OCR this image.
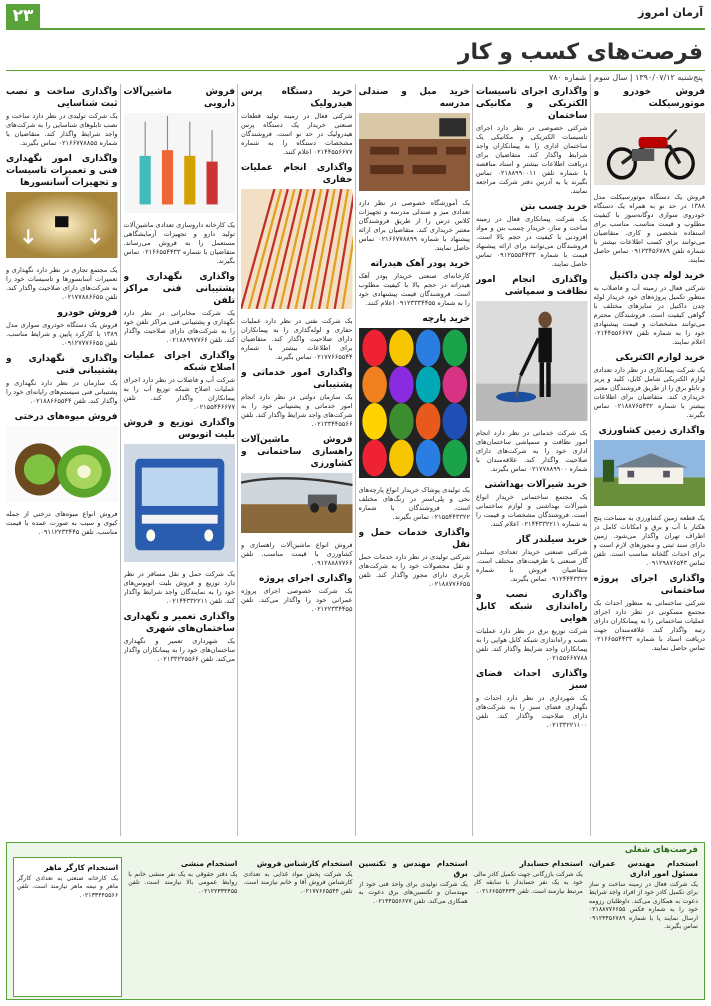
۲۳	آرمان امروز
فرصت‌های کسب و کار
پنج‌شنبه ۱۳۹۰/۰۷/۱۲ | سال سوم | شماره ۷۸۰
فروش خودرو و موتورسیکلت
فروش یک دستگاه موتورسیکلت مدل ۱۳۸۸ در حد نو به همراه یک دستگاه خودروی سواری دوگانه‌سوز با کیفیت مطلوب و قیمت مناسب. مناسب برای استفاده شخصی و کاری. متقاضیان می‌توانند برای کسب اطلاعات بیشتر با شماره تلفن ۰۹۱۲۳۴۵۶۷۸۹ تماس حاصل نمایند.
خرید لوله چدن داکتیل
شرکتی فعال در زمینه آب و فاضلاب به منظور تکمیل پروژه‌های خود خریدار لوله چدن داکتیل در سایزهای مختلف با گواهی کیفیت است. فروشندگان محترم می‌توانند مشخصات و قیمت پیشنهادی خود را به شماره تلفن ۰۲۱۴۴۵۵۶۶۷۷ اعلام نمایند.
خرید لوازم الکتریکی
یک شرکت پیمانکاری در نظر دارد تعدادی لوازم الکتریکی شامل کابل، کلید و پریز و تابلو برق را از طریق فروشندگان معتبر خریداری کند. متقاضیان برای اطلاعات بیشتر با شماره ۰۲۱۸۸۷۶۵۴۳۲ تماس بگیرند.
واگذاری زمین کشاورزی
یک قطعه زمین کشاورزی به مساحت پنج هکتار با آب و برق و امکانات کامل در اطراف تهران واگذار می‌شود. زمین دارای سند ثبتی و مجوزهای لازم است و برای احداث گلخانه مناسب است. تلفن تماس ۰۹۱۲۹۸۷۶۵۴۳.
واگذاری اجرای پروژه ساختمانی
شرکتی ساختمانی به منظور احداث یک مجتمع مسکونی در نظر دارد اجرای عملیات ساختمانی را به پیمانکاران دارای رتبه واگذار کند. علاقه‌مندان جهت دریافت اسناد با شماره ۰۲۱۶۶۵۵۴۴۳۳ تماس حاصل نمایند.
واگذاری اجرای تاسیسات الکتریکی و مکانیکی ساختمان
شرکتی خصوصی در نظر دارد اجرای تاسیسات الکتریکی و مکانیکی یک ساختمان اداری را به پیمانکاران واجد شرایط واگذار کند. متقاضیان برای دریافت اطلاعات بیشتر و اسناد مناقصه با شماره تلفن ۰۲۱۸۸۹۹۰۰۱۱ تماس بگیرند یا به آدرس دفتر شرکت مراجعه نمایند.
خرید چسب بتن
یک شرکت پیمانکاری فعال در زمینه ساخت و ساز، خریدار چسب بتن و مواد افزودنی با کیفیت در حجم بالا است. فروشندگان می‌توانند برای ارائه پیشنهاد قیمت با شماره ۰۹۱۲۵۵۵۴۴۳۳ تماس حاصل نمایند.
واگذاری انجام امور نظافت و سمپاشی
یک شرکت خدماتی در نظر دارد انجام امور نظافت و سمپاشی ساختمان‌های اداری خود را به شرکت‌های دارای صلاحیت واگذار کند. علاقه‌مندان با شماره ۰۲۱۷۷۸۸۹۹۰۰ تماس بگیرند.
خرید شیرآلات بهداشتی
یک مجتمع ساختمانی خریدار انواع شیرآلات بهداشتی و لوازم ساختمانی است. فروشندگان مشخصات و قیمت را به شماره ۰۲۱۴۴۳۳۲۲۱۱ اعلام کنند.
خرید سیلندر گاز
شرکتی صنعتی خریدار تعدادی سیلندر گاز صنعتی با ظرفیت‌های مختلف است. متقاضیان فروش با شماره ۰۹۱۲۴۴۴۳۳۲۲ تماس بگیرند.
واگذاری نصب و راه‌اندازی شبکه کابل هوایی
شرکت توزیع برق در نظر دارد عملیات نصب و راه‌اندازی شبکه کابل هوایی را به پیمانکاران واجد شرایط واگذار کند. تلفن ۰۲۱۵۵۶۶۷۷۸۸.
واگذاری احداث فضای سبز
یک شهرداری در نظر دارد احداث و نگهداری فضای سبز را به شرکت‌های دارای صلاحیت واگذار کند. تلفن ۰۲۱۳۳۲۲۱۱۰۰.
خرید مبل و صندلی مدرسه
یک آموزشگاه خصوصی در نظر دارد تعدادی میز و صندلی مدرسه و تجهیزات کلاس درس را از طریق فروشندگان معتبر خریداری کند. متقاضیان برای ارائه پیشنهاد با شماره ۰۲۱۶۶۷۷۸۸۹۹ تماس حاصل نمایند.
خرید پودر آهک هیدراته
کارخانه‌ای صنعتی خریدار پودر آهک هیدراته در حجم بالا با کیفیت مطلوب است. فروشندگان قیمت پیشنهادی خود را به شماره ۰۹۱۲۳۳۳۴۴۵۵ اعلام کنند.
خرید پارچه
یک تولیدی پوشاک خریدار انواع پارچه‌های نخی و پلی‌استر در رنگ‌های مختلف است. فروشندگان با شماره ۰۲۱۵۵۴۴۳۳۲۲ تماس بگیرند.
واگذاری خدمات حمل و نقل
شرکتی تولیدی در نظر دارد خدمات حمل و نقل محصولات خود را به شرکت‌های باربری دارای مجوز واگذار کند. تلفن ۰۲۱۸۸۷۷۶۶۵۵.
خرید دستگاه پرس هیدرولیک
شرکتی فعال در زمینه تولید قطعات صنعتی خریدار یک دستگاه پرس هیدرولیک در حد نو است. فروشندگان مشخصات دستگاه را به شماره ۰۲۱۴۴۵۵۶۶۷۷ اعلام کنند.
واگذاری انجام عملیات حفاری
یک شرکت نفتی در نظر دارد عملیات حفاری و لوله‌گذاری را به پیمانکاران دارای صلاحیت واگذار کند. متقاضیان برای اطلاعات بیشتر با شماره ۰۲۱۷۷۶۶۵۵۴۴ تماس بگیرند.
واگذاری امور خدماتی و پشتیبانی
یک سازمان دولتی در نظر دارد انجام امور خدماتی و پشتیبانی خود را به شرکت‌های واجد شرایط واگذار کند. تلفن ۰۲۱۳۳۴۴۵۵۶۶.
فروش ماشین‌آلات راهسازی ساختمانی و کشاورزی
فروش انواع ماشین‌آلات راهسازی و کشاورزی با قیمت مناسب. تلفن ۰۹۱۲۸۸۸۷۷۶۶.
واگذاری اجرای پروژه
یک شرکت خصوصی اجرای پروژه عمرانی خود را واگذار می‌کند. تلفن ۰۲۱۲۲۳۳۴۴۵۵.
فروش ماشین‌آلات دارویی
یک کارخانه داروسازی تعدادی ماشین‌آلات تولید دارو و تجهیزات آزمایشگاهی مستعمل را به فروش می‌رساند. متقاضیان با شماره ۰۲۱۶۶۵۵۴۴۳۳ تماس بگیرند.
واگذاری نگهداری و پشتیبانی فنی مراکز تلفن
یک شرکت مخابراتی در نظر دارد نگهداری و پشتیبانی فنی مراکز تلفن خود را به شرکت‌های دارای صلاحیت واگذار کند. تلفن ۰۲۱۸۸۹۹۷۷۶۶.
واگذاری اجرای عملیات اصلاح شبکه
شرکت آب و فاضلاب در نظر دارد اجرای عملیات اصلاح شبکه توزیع آب را به پیمانکاران واگذار کند. تلفن ۰۲۱۵۵۴۴۶۶۷۷.
واگذاری توزیع و فروش بلیت اتوبوس
یک شرکت حمل و نقل مسافر در نظر دارد توزیع و فروش بلیت اتوبوس‌های خود را به نمایندگان واجد شرایط واگذار کند. تلفن ۰۲۱۴۴۳۳۲۲۱۱.
واگذاری تعمیر و نگهداری ساختمان‌های شهری
یک شهرداری تعمیر و نگهداری ساختمان‌های خود را به پیمانکاران واگذار می‌کند. تلفن ۰۲۱۳۳۲۲۵۵۶۶.
واگذاری ساخت و نصب ثبت شناسایی
یک شرکت تولیدی در نظر دارد ساخت و نصب تابلوهای شناسایی را به شرکت‌های واجد شرایط واگذار کند. متقاضیان با شماره ۰۲۱۶۶۷۷۸۸۵۵ تماس بگیرند.
واگذاری امور نگهداری فنی و تعمیرات تاسیسات و تجهیزات آسانسورها
یک مجتمع تجاری در نظر دارد نگهداری و تعمیرات آسانسورها و تاسیسات خود را به شرکت‌های دارای صلاحیت واگذار کند. تلفن ۰۲۱۷۷۸۸۶۶۵۵.
فروش خودرو
فروش یک دستگاه خودروی سواری مدل ۱۳۸۹ با کارکرد پایین و شرایط مناسب. تلفن ۰۹۱۲۷۷۷۶۶۵۵.
واگذاری نگهداری و پشتیبانی فنی
یک سازمان در نظر دارد نگهداری و پشتیبانی فنی سیستم‌های رایانه‌ای خود را واگذار کند. تلفن ۰۲۱۸۸۶۶۵۵۴۴.
فروش میوه‌های درختی
فروش انواع میوه‌های درختی از جمله کیوی و سیب به صورت عمده با قیمت مناسب. تلفن ۰۹۱۱۲۲۳۳۴۴۵.
فرصت‌های شغلی
استخدام مهندس عمران، مسئول امور اداری
یک شرکت فعال در زمینه ساخت و ساز برای تکمیل کادر خود از افراد واجد شرایط دعوت به همکاری می‌کند. داوطلبان رزومه خود را به شماره فکس ۰۲۱۸۸۷۷۶۶۵۵ ارسال نمایند یا با شماره ۰۹۱۲۳۴۵۶۷۸۹ تماس بگیرند.
استخدام حسابدار
یک شرکت بازرگانی جهت تکمیل کادر مالی خود به یک نفر حسابدار با سابقه کار مرتبط نیازمند است. تلفن ۰۲۱۶۶۵۵۴۴۳۳.
استخدام مهندس و تکنسین برق
یک شرکت تولیدی برای واحد فنی خود از مهندسان و تکنسین‌های برق دعوت به همکاری می‌کند. تلفن ۰۲۱۴۴۵۵۶۶۷۷.
استخدام کارشناس فروش
یک شرکت پخش مواد غذایی به تعدادی کارشناس فروش آقا و خانم نیازمند است. تلفن ۰۲۱۷۷۶۶۵۵۴۴.
استخدام منشی
یک دفتر حقوقی به یک نفر منشی خانم با روابط عمومی بالا نیازمند است. تلفن ۰۲۱۲۲۳۳۴۴۵۵.
استخدام کارگر ماهر
یک کارخانه صنعتی به تعدادی کارگر ماهر و نیمه ماهر نیازمند است. تلفن ۰۲۱۳۳۴۴۵۵۶۶.
